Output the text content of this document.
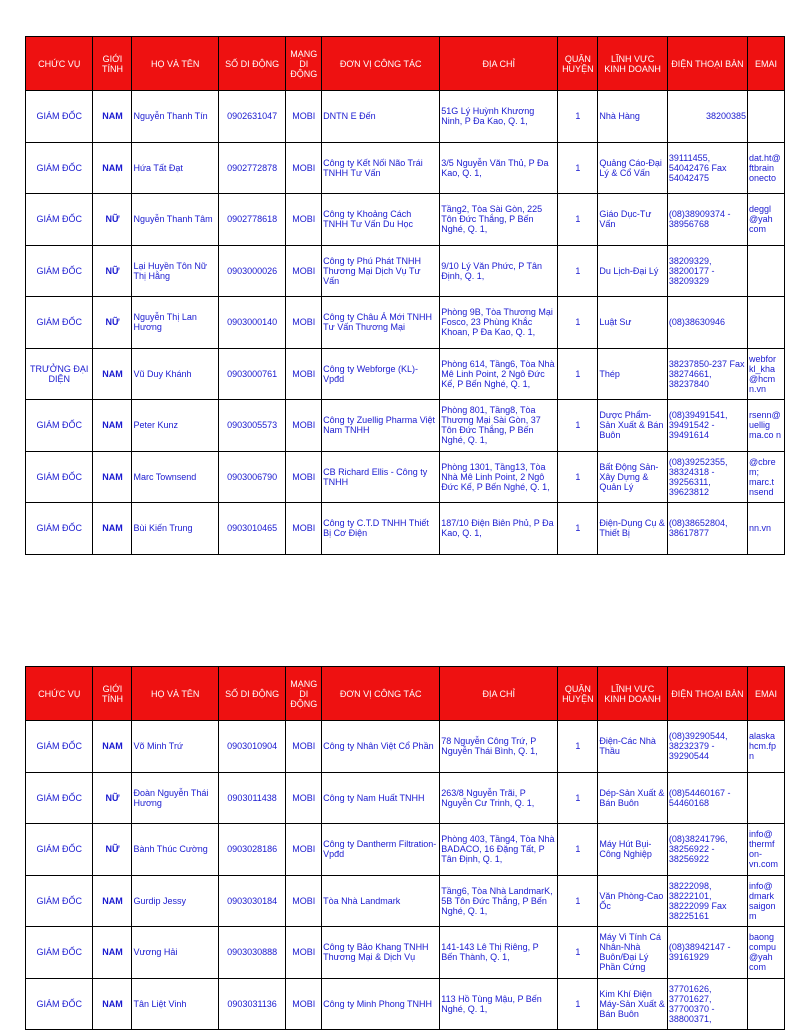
CHỨC VỤ	GIỚI TÍNH	HỌ VÀ TÊN	SỐ DI ĐỘNG	MẠNG DI ĐỘNG	ĐƠN VỊ CÔNG TÁC	ĐỊA CHỈ	QUẬN HUYỆN	LĨNH VỰC KINH DOANH	ĐIỆN THOẠI BÀN	EMAI
GIÁM ĐỐC	NAM	Nguyễn Thanh Tín	0902631047	MOBI	DNTN E Đến	51G Lý Huỳnh Khương Ninh, P Đa Kao, Q. 1,	1	Nhà Hàng	38200385	
GIÁM ĐỐC	NAM	Hứa Tất Đạt	0902772878	MOBI	Công ty Kết Nối Não Trái TNHH Tư Vấn	3/5 Nguyễn Văn Thủ, P Đa Kao, Q. 1,	1	Quảng Cáo-Đại Lý & Cổ Vấn	39111455, 54042476 Fax 54042475	dat.ht@ ftbrain onecto
GIÁM ĐỐC	NỮ	Nguyễn Thanh Tâm	0902778618	MOBI	Công ty Khoảng Cách TNHH Tư Vấn Du Học	Tầng2, Tòa Sài Gòn, 225 Tôn Đức Thắng, P Bến Nghé, Q. 1,	1	Giáo Dục-Tư Vấn	(08)38909374 - 38956768	deggl @yah com
GIÁM ĐỐC	NỮ	Lại Huyền Tôn Nữ Thị Hằng	0903000026	MOBI	Công ty Phú Phát TNHH Thương Mại Dịch Vụ Tư Vấn	9/10 Lý Văn Phức, P Tân Định, Q. 1,	1	Du Lịch-Đại Lý	38209329, 38200177 - 38209329	
GIÁM ĐỐC	NỮ	Nguyễn Thị Lan Hương	0903000140	MOBI	Công ty Châu Á Mới TNHH Tư Vấn Thương Mại	Phòng 9B, Tòa Thương Mại Fosco, 23 Phùng Khắc Khoan, P Đa Kao, Q. 1,	1	Luật Sư	(08)38630946	
TRƯỞNG ĐẠI DIỆN	NAM	Vũ Duy Khánh	0903000761	MOBI	Công ty Webforge (KL)-Vpđd	Phòng 614, Tầng6, Tòa Nhà Mê Linh Point, 2 Ngô Đức Kế, P Bến Nghé, Q. 1,	1	Thép	38237850-237 Fax 38274661, 38237840	webfor kl_kha @hcm n.vn
GIÁM ĐỐC	NAM	Peter Kunz	0903005573	MOBI	Công ty Zuellig Pharma Việt Nam TNHH	Phòng 801, Tầng8, Tòa Thương Mại Sài Gòn, 37 Tôn Đức Thắng, P Bến Nghé, Q. 1,	1	Dược Phẩm-Sản Xuất & Bán Buôn	(08)39491541, 39491542 - 39491614	rsenn@ uellig ma.co n
GIÁM ĐỐC	NAM	Marc Townsend	0903006790	MOBI	CB Richard Ellis - Công ty TNHH	Phòng 1301, Tầng13, Tòa Nhà Mê Linh Point, 2 Ngô Đức Kế, P Bến Nghé, Q. 1,	1	Bất Động Sản-Xây Dựng & Quản Lý	(08)39252355, 38324318 - 39256311, 39623812	@cbre m; marc.t nsend
GIÁM ĐỐC	NAM	Bùi Kiến Trung	0903010465	MOBI	Công ty C.T.D TNHH Thiết Bị Cơ Điện	187/10 Điện Biên Phủ, P Đa Kao, Q. 1,	1	Điện-Dụng Cụ & Thiết Bị	(08)38652804, 38617877	nn.vn
CHỨC VỤ	GIỚI TÍNH	HỌ VÀ TÊN	SỐ DI ĐỘNG	MẠNG DI ĐỘNG	ĐƠN VỊ CÔNG TÁC	ĐỊA CHỈ	QUẬN HUYỆN	LĨNH VỰC KINH DOANH	ĐIỆN THOẠI BÀN	EMAI
GIÁM ĐỐC	NAM	Võ Minh Trứ	0903010904	MOBI	Công ty Nhân Việt Cổ Phần	78 Nguyễn Công Trứ, P Nguyễn Thái Bình, Q. 1,	1	Điện-Các Nhà Thầu	(08)39290544, 38232379 - 39290544	alaska hcm.fp n
GIÁM ĐỐC	NỮ	Đoàn Nguyễn Thái Hương	0903011438	MOBI	Công ty Nam Huất TNHH	263/8 Nguyễn Trãi, P Nguyễn Cư Trinh, Q. 1,	1	Dép-Sản Xuất & Bán Buôn	(08)54460167 - 54460168	
GIÁM ĐỐC	NỮ	Bành Thúc Cường	0903028186	MOBI	Công ty Dantherm Filtration-Vpđd	Phòng 403, Tầng4, Tòa Nhà BADACO, 16 Đặng Tất, P Tân Định, Q. 1,	1	Máy Hút Bụi-Công Nghiệp	(08)38241796, 38256922 - 38256922	info@ thermf on-vn.com
GIÁM ĐỐC	NAM	Gurdip Jessy	0903030184	MOBI	Tòa Nhà Landmark	Tầng6, Tòa Nhà LandmarK, 5B Tôn Đức Thắng, P Bến Nghé, Q. 1,	1	Văn Phòng-Cao Ốc	38222098, 38222101, 38222099 Fax 38225161	info@ dmark saigon m
GIÁM ĐỐC	NAM	Vương Hải	0903030888	MOBI	Công ty Bảo Khang TNHH Thương Mại & Dịch Vụ	141-143 Lê Thị Riêng, P Bến Thành, Q. 1,	1	Máy Vi Tính Cá Nhân-Nhà Buôn/Đại Lý Phần Cứng	(08)38942147 - 39161929	baong compu @yah com
GIÁM ĐỐC	NAM	Tân Liệt Vinh	0903031136	MOBI	Công ty Minh Phong TNHH	113 Hồ Tùng Mậu, P Bến Nghé, Q. 1,	1	Kim Khí Điện Máy-Sản Xuất & Bán Buôn	37701626, 37701627, 37700370 - 38800371,	
